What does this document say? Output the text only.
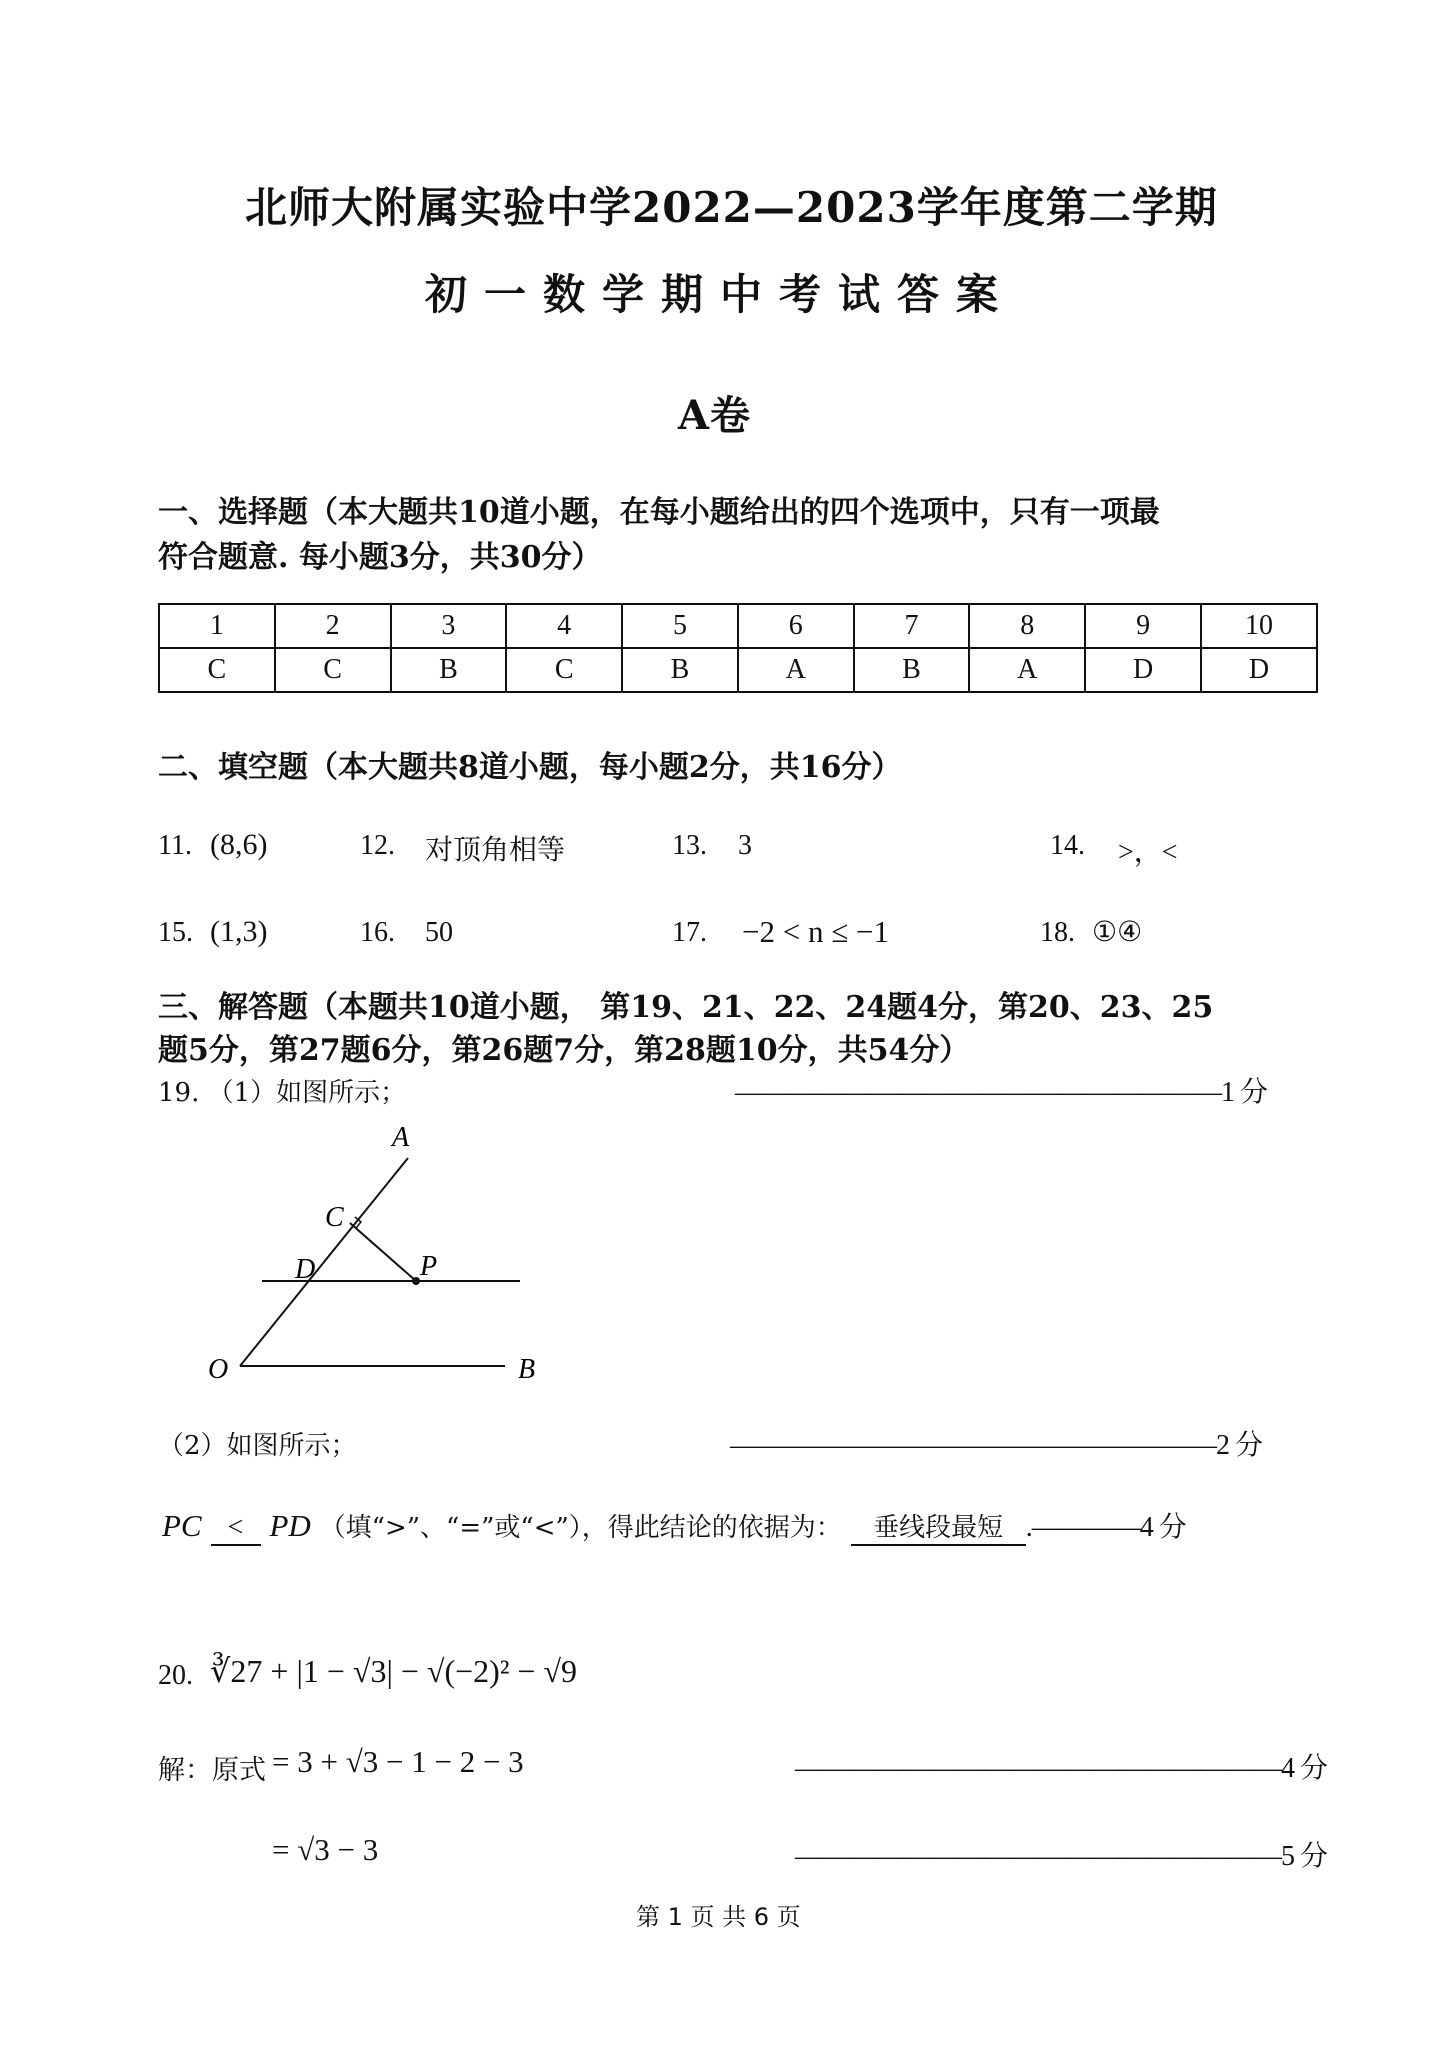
北师大附属实验中学2022—2023学年度第二学期
初一数学期中考试答案
A卷
一、选择题（本大题共10道小题，在每小题给出的四个选项中，只有一项最
符合题意. 每小题3分，共30分）
1	2	3	4	5	6	7	8	9	10
C	C	B	C	B	A	B	A	D	D
二、填空题（本大题共8道小题，每小题2分，共16分）
11. (8,6)	12. 对顶角相等	13. 3	14. >，<
15. (1,3)	16. 50	17. −2 < n ≤ −1	18. ①④
三、解答题（本题共10道小题， 第19、21、22、24题4分，第20、23、25
题5分，第27题6分，第26题7分，第28题10分，共54分）
19. （1）如图所示；	——————————————————1 分
A
C
D	P
O	B
（2）如图所示；	——————————————————2 分
PC < PD （填“>”、“=”或“<”），得此结论的依据为： 垂线段最短 .————4 分
20. ∛27 + |1 − √3| − √(−2)² − √9
解：原式 = 3 + √3 − 1 − 2 − 3	——————————————————4 分
= √3 − 3	——————————————————5 分
第 1 页 共 6 页
